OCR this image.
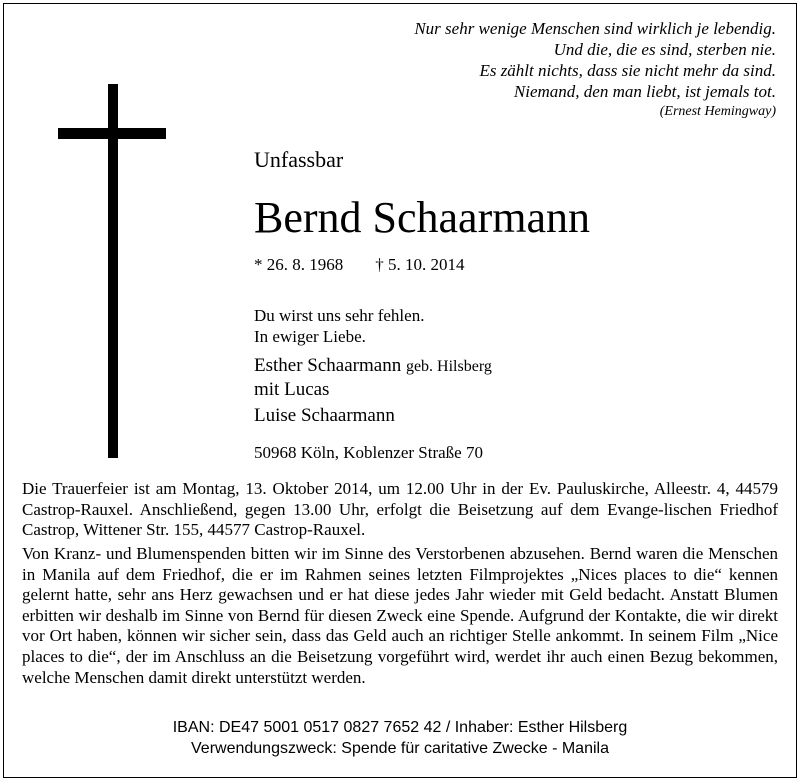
Nur sehr wenige Menschen sind wirklich je lebendig.
Und die, die es sind, sterben nie.
Es zählt nichts, dass sie nicht mehr da sind.
Niemand, den man liebt, ist jemals tot.
(Ernest Hemingway)
Unfassbar
Bernd Schaarmann
* 26. 8. 1968 † 5. 10. 2014
Du wirst uns sehr fehlen.
In ewiger Liebe.
Esther Schaarmann geb. Hilsberg
mit Lucas
Luise Schaarmann
50968 Köln, Koblenzer Straße 70

Die Trauerfeier ist am Montag, 13. Oktober 2014, um 12.00 Uhr in der Ev. Pauluskirche, Alleestr. 4, 44579 Castrop-Rauxel. Anschließend, gegen 13.00 Uhr, erfolgt die Beisetzung auf dem Evange-lischen Friedhof Castrop, Wittener Str. 155, 44577 Castrop-Rauxel.

Von Kranz- und Blumenspenden bitten wir im Sinne des Verstorbenen abzusehen. Bernd waren die Menschen in Manila auf dem Friedhof, die er im Rahmen seines letzten Filmprojektes „Nices places to die“ kennen gelernt hatte, sehr ans Herz gewachsen und er hat diese jedes Jahr wieder mit Geld bedacht. Anstatt Blumen erbitten wir deshalb im Sinne von Bernd für diesen Zweck eine Spende. Aufgrund der Kontakte, die wir direkt vor Ort haben, können wir sicher sein, dass das Geld auch an richtiger Stelle ankommt. In seinem Film „Nice places to die“, der im Anschluss an die Beisetzung vorgeführt wird, werdet ihr auch einen Bezug bekommen, welche Menschen damit direkt unterstützt werden.

IBAN: DE47 5001 0517 0827 7652 42 / Inhaber: Esther Hilsberg
Verwendungszweck: Spende für caritative Zwecke - Manila
